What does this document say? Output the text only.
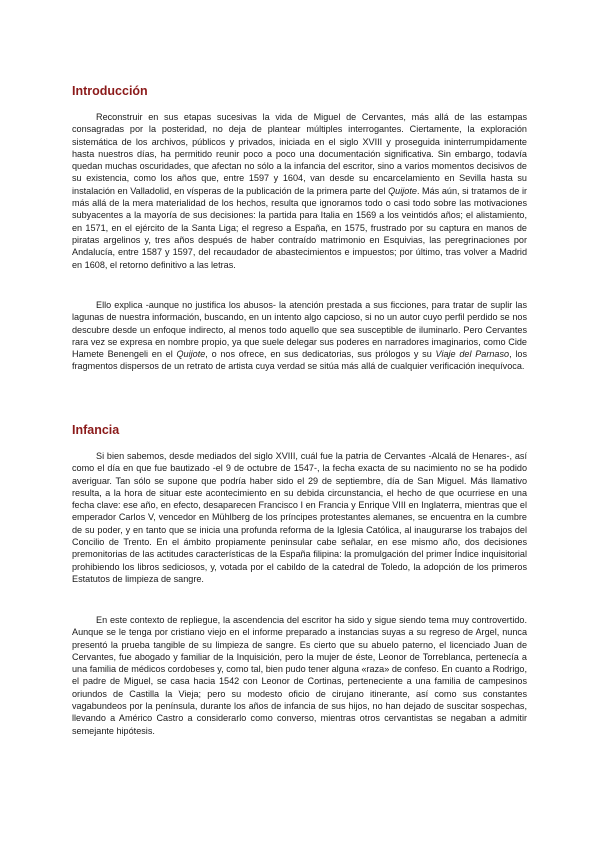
Introducción

Reconstruir en sus etapas sucesivas la vida de Miguel de Cervantes, más allá de las estampas consagradas por la posteridad, no deja de plantear múltiples interrogantes. Ciertamente, la exploración sistemática de los archivos, públicos y privados, iniciada en el siglo XVIII y proseguida ininterrumpidamente hasta nuestros días, ha permitido reunir poco a poco una documentación significativa. Sin embargo, todavía quedan muchas oscuridades, que afectan no sólo a la infancia del escritor, sino a varios momentos decisivos de su existencia, como los años que, entre 1597 y 1604, van desde su encarcelamiento en Sevilla hasta su instalación en Valladolid, en vísperas de la publicación de la primera parte del Quijote. Más aún, si tratamos de ir más allá de la mera materialidad de los hechos, resulta que ignoramos todo o casi todo sobre las motivaciones subyacentes a la mayoría de sus decisiones: la partida para Italia en 1569 a los veintidós años; el alistamiento, en 1571, en el ejército de la Santa Liga; el regreso a España, en 1575, frustrado por su captura en manos de piratas argelinos y, tres años después de haber contraído matrimonio en Esquivias, las peregrinaciones por Andalucía, entre 1587 y 1597, del recaudador de abastecimientos e impuestos; por último, tras volver a Madrid en 1608, el retorno definitivo a las letras.

Ello explica -aunque no justifica los abusos- la atención prestada a sus ficciones, para tratar de suplir las lagunas de nuestra información, buscando, en un intento algo capcioso, si no un autor cuyo perfil perdido se nos descubre desde un enfoque indirecto, al menos todo aquello que sea susceptible de iluminarlo. Pero Cervantes rara vez se expresa en nombre propio, ya que suele delegar sus poderes en narradores imaginarios, como Cide Hamete Benengeli en el Quijote, o nos ofrece, en sus dedicatorias, sus prólogos y su Viaje del Parnaso, los fragmentos dispersos de un retrato de artista cuya verdad se sitúa más allá de cualquier verificación inequívoca.

Infancia

Si bien sabemos, desde mediados del siglo XVIII, cuál fue la patria de Cervantes -Alcalá de Henares-, así como el día en que fue bautizado -el 9 de octubre de 1547-, la fecha exacta de su nacimiento no se ha podido averiguar. Tan sólo se supone que podría haber sido el 29 de septiembre, día de San Miguel. Más llamativo resulta, a la hora de situar este acontecimiento en su debida circunstancia, el hecho de que ocurriese en una fecha clave: ese año, en efecto, desaparecen Francisco I en Francia y Enrique VIII en Inglaterra, mientras que el emperador Carlos V, vencedor en Mühlberg de los príncipes protestantes alemanes, se encuentra en la cumbre de su poder, y en tanto que se inicia una profunda reforma de la Iglesia Católica, al inaugurarse los trabajos del Concilio de Trento. En el ámbito propiamente peninsular cabe señalar, en ese mismo año, dos decisiones premonitorias de las actitudes características de la España filipina: la promulgación del primer Índice inquisitorial prohibiendo los libros sediciosos, y, votada por el cabildo de la catedral de Toledo, la adopción de los primeros Estatutos de limpieza de sangre.

En este contexto de repliegue, la ascendencia del escritor ha sido y sigue siendo tema muy controvertido. Aunque se le tenga por cristiano viejo en el informe preparado a instancias suyas a su regreso de Argel, nunca presentó la prueba tangible de su limpieza de sangre. Es cierto que su abuelo paterno, el licenciado Juan de Cervantes, fue abogado y familiar de la Inquisición, pero la mujer de éste, Leonor de Torreblanca, pertenecía a una familia de médicos cordobeses y, como tal, bien pudo tener alguna «raza» de confeso. En cuanto a Rodrigo, el padre de Miguel, se casa hacia 1542 con Leonor de Cortinas, perteneciente a una familia de campesinos oriundos de Castilla la Vieja; pero su modesto oficio de cirujano itinerante, así como sus constantes vagabundeos por la península, durante los años de infancia de sus hijos, no han dejado de suscitar sospechas, llevando a Américo Castro a considerarlo como converso, mientras otros cervantistas se negaban a admitir semejante hipótesis.
